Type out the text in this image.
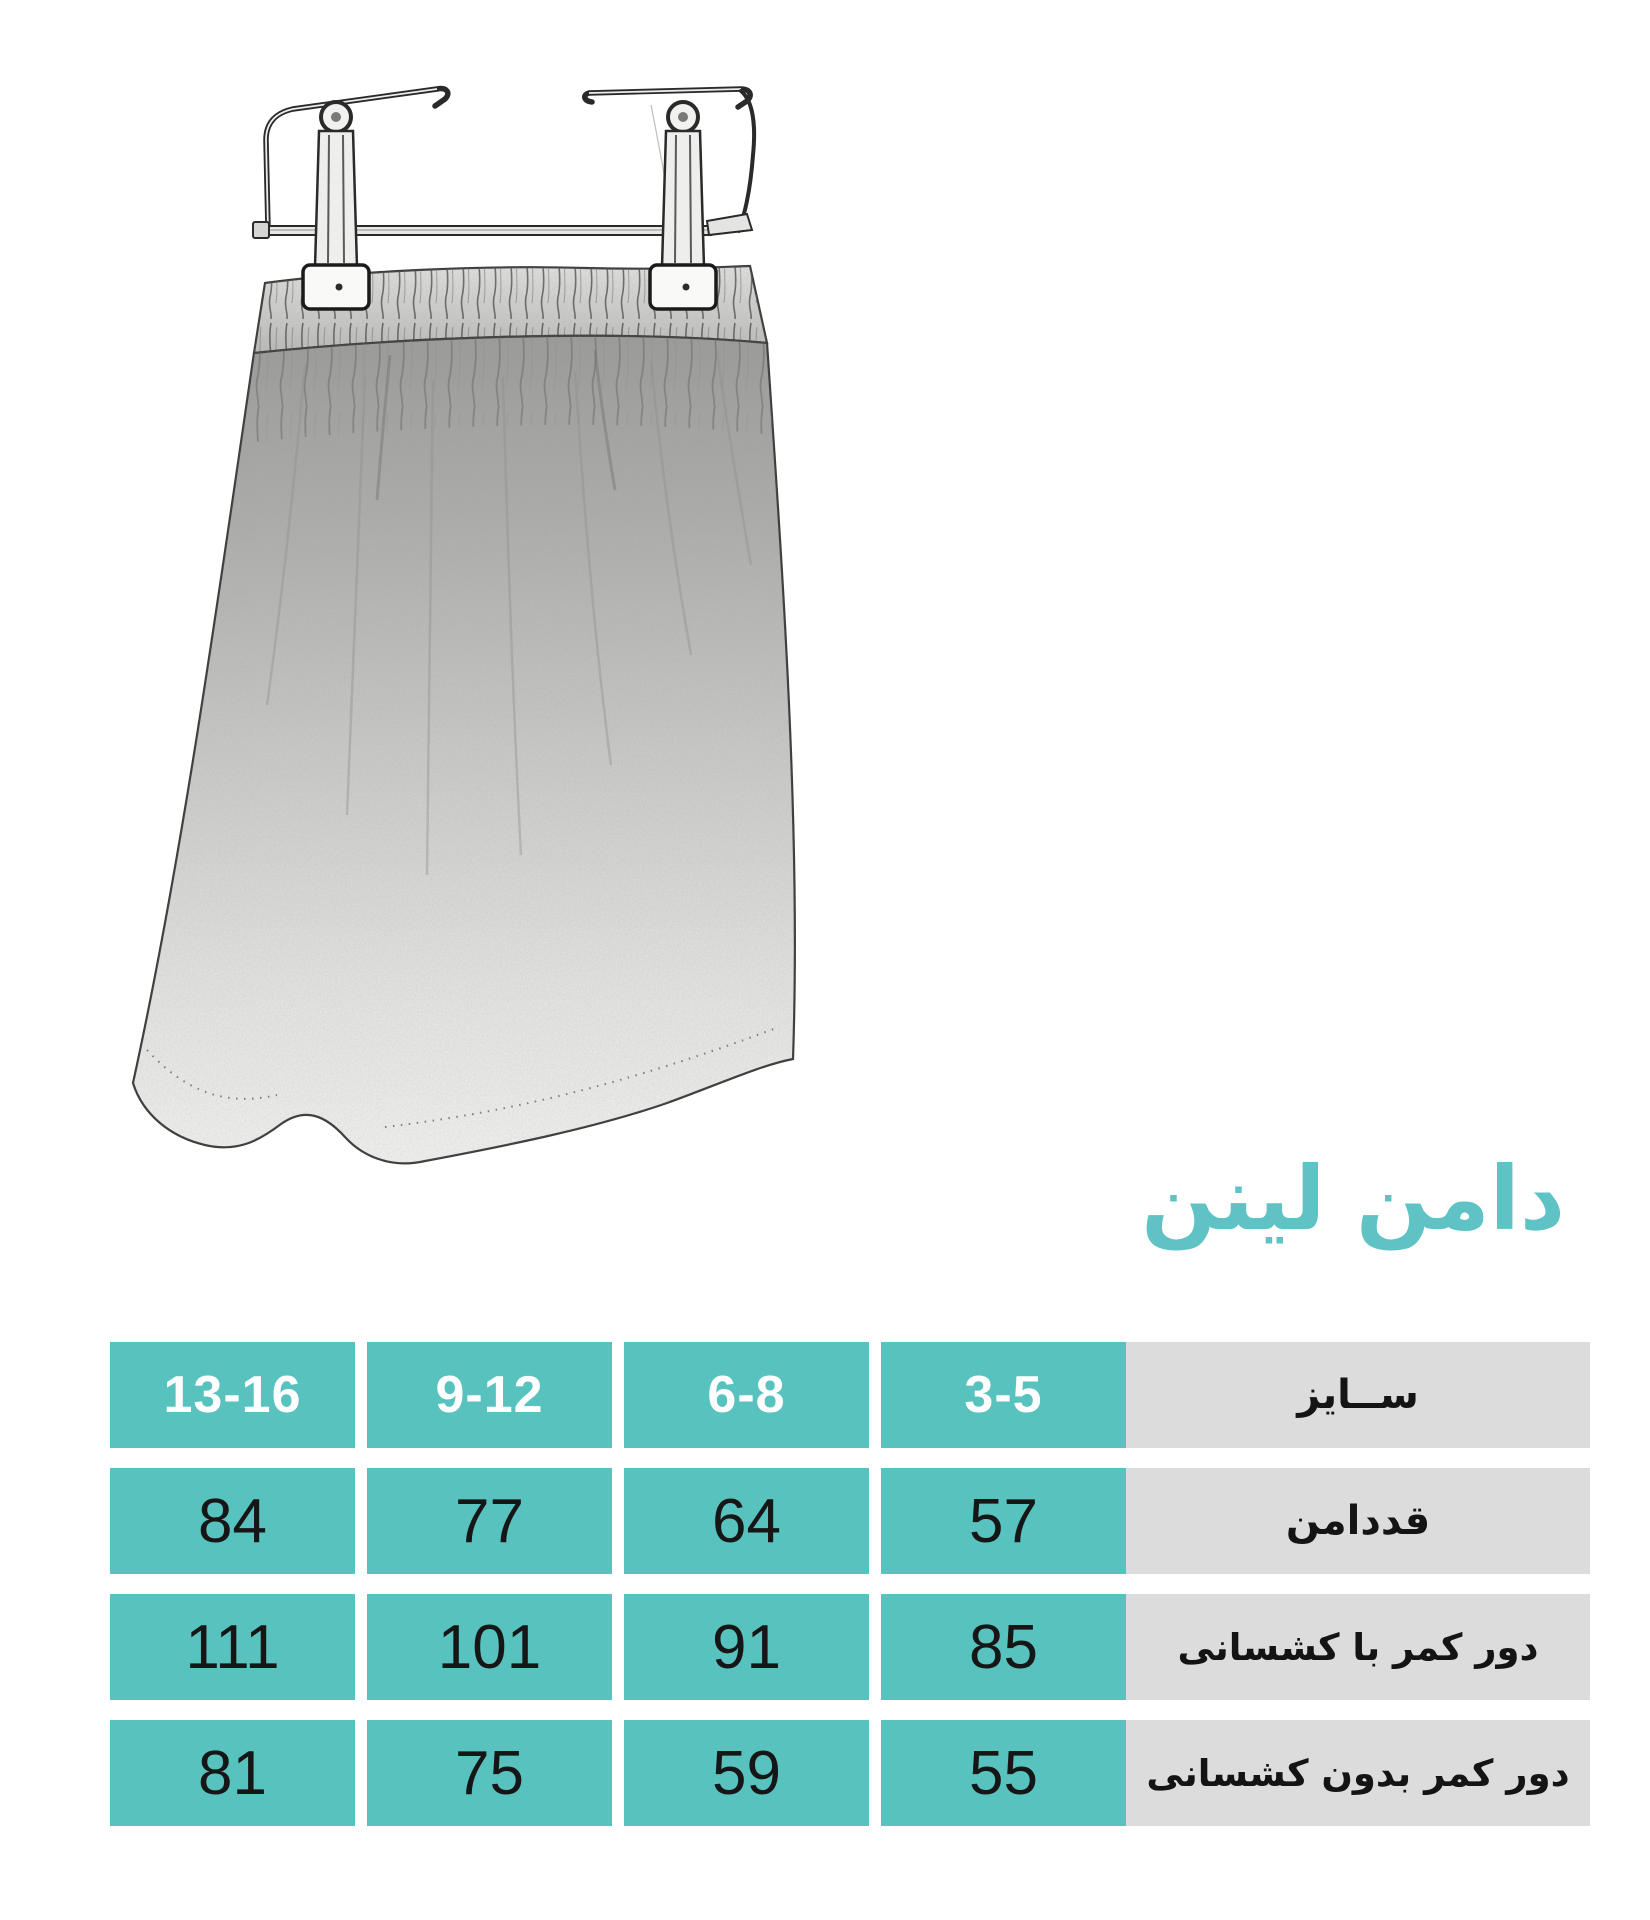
دامن لینن
13-16	9-12	6-8	3-5	ســایز
84	77	64	57	قددامن
111	101	91	85	دور کمر با کشسانی
81	75	59	55	دور کمر بدون کشسانی
